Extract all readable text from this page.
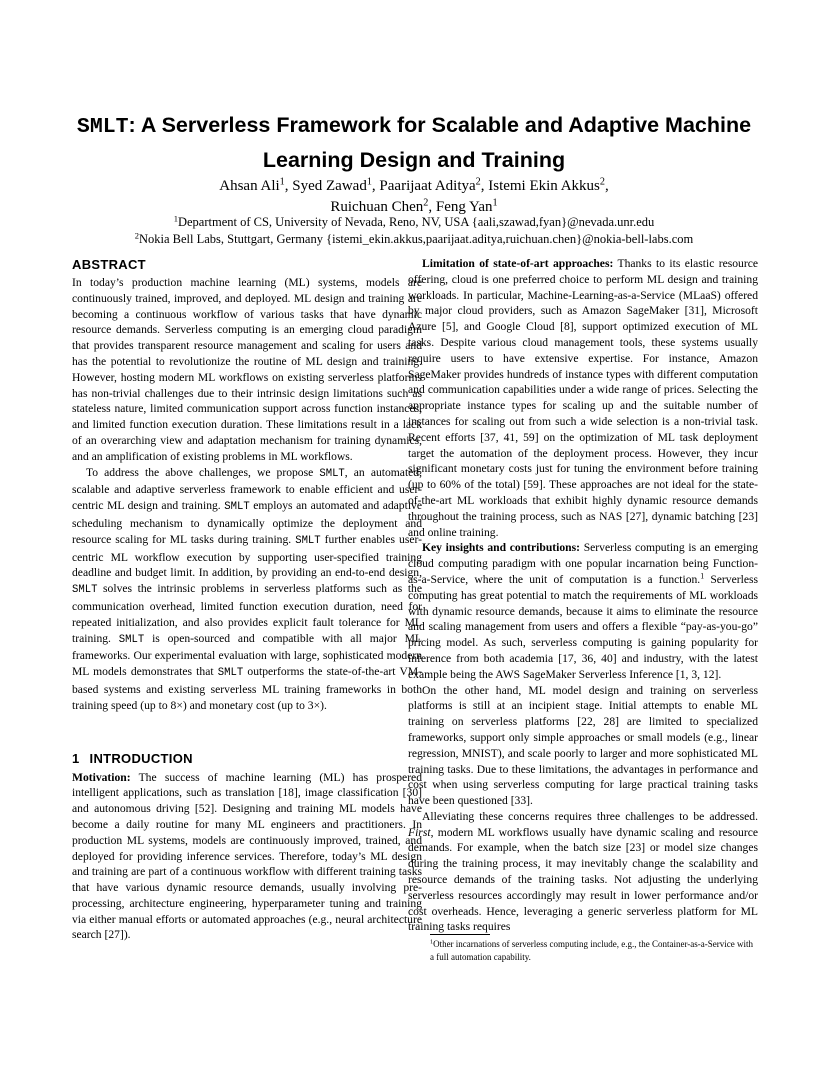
SMLT: A Serverless Framework for Scalable and Adaptive Machine
Learning Design and Training
Ahsan Ali$^1$, Syed Zawad$^1$, Paarijaat Aditya$^2$, Istemi Ekin Akkus$^2$,
Ruichuan Chen$^2$, Feng Yan$^1$
$^1$Department of CS, University of Nevada, Reno, NV, USA {aali,szawad,fyan}@nevada.unr.edu
$^2$Nokia Bell Labs, Stuttgart, Germany {istemi_ekin.akkus,paarijaat.aditya,ruichuan.chen}@nokia-bell-labs.com
ABSTRACT

In today’s production machine learning (ML) systems, models are continuously trained, improved, and deployed. ML design and training are becoming a continuous workflow of various tasks that have dynamic resource demands. Serverless computing is an emerging cloud paradigm that provides transparent resource management and scaling for users and has the potential to revolutionize the routine of ML design and training. However, hosting modern ML workflows on existing serverless platforms has non-trivial challenges due to their intrinsic design limitations such as stateless nature, limited communication support across function instances, and limited function execution duration. These limitations result in a lack of an overarching view and adaptation mechanism for training dynamics, and an amplification of existing problems in ML workflows.

To address the above challenges, we propose SMLT, an automated, scalable and adaptive serverless framework to enable efficient and user-centric ML design and training. SMLT employs an automated and adaptive scheduling mechanism to dynamically optimize the deployment and resource scaling for ML tasks during training. SMLT further enables user-centric ML workflow execution by supporting user-specified training deadline and budget limit. In addition, by providing an end-to-end design, SMLT solves the intrinsic problems in serverless platforms such as the communication overhead, limited function execution duration, need for repeated initialization, and also provides explicit fault tolerance for ML training. SMLT is open-sourced and compatible with all major ML frameworks. Our experimental evaluation with large, sophisticated modern ML models demonstrates that SMLT outperforms the state-of-the-art VM-based systems and existing serverless ML training frameworks in both training speed (up to 8×) and monetary cost (up to 3×).

1 INTRODUCTION

Motivation: The success of machine learning (ML) has prospered intelligent applications, such as translation [18], image classification [30] and autonomous driving [52]. Designing and training ML models have become a daily routine for many ML engineers and practitioners. In production ML systems, models are continuously improved, trained, and deployed for providing inference services. Therefore, today’s ML design and training are part of a continuous workflow with different training tasks that have various dynamic resource demands, usually involving pre-processing, architecture engineering, hyperparameter tuning and training via either manual efforts or automated approaches (e.g., neural architecture search [27]).

Limitation of state-of-art approaches: Thanks to its elastic resource offering, cloud is one preferred choice to perform ML design and training workloads. In particular, Machine-Learning-as-a-Service (MLaaS) offered by major cloud providers, such as Amazon SageMaker [31], Microsoft Azure [5], and Google Cloud [8], support optimized execution of ML tasks. Despite various cloud management tools, these systems usually require users to have extensive expertise. For instance, Amazon SageMaker provides hundreds of instance types with different computation and communication capabilities under a wide range of prices. Selecting the appropriate instance types for scaling up and the suitable number of instances for scaling out from such a wide selection is a non-trivial task. Recent efforts [37, 41, 59] on the optimization of ML task deployment target the automation of the deployment process. However, they incur significant monetary costs just for tuning the environment before training (up to 60% of the total) [59]. These approaches are not ideal for the state-of-the-art ML workloads that exhibit highly dynamic resource demands throughout the training process, such as NAS [27], dynamic batching [23] and online training.

Key insights and contributions: Serverless computing is an emerging cloud computing paradigm with one popular incarnation being Function-as-a-Service, where the unit of computation is a function.$^1$ Serverless computing has great potential to match the requirements of ML workloads with dynamic resource demands, because it aims to eliminate the resource and scaling management from users and offers a flexible “pay-as-you-go” pricing model. As such, serverless computing is gaining popularity for inference from both academia [17, 36, 40] and industry, with the latest example being the AWS SageMaker Serverless Inference [1, 3, 12].

On the other hand, ML model design and training on serverless platforms is still at an incipient stage. Initial attempts to enable ML training on serverless platforms [22, 28] are limited to specialized frameworks, support only simple approaches or small models (e.g., linear regression, MNIST), and scale poorly to larger and more sophisticated ML training tasks. Due to these limitations, the advantages in performance and cost when using serverless computing for large practical training tasks have been questioned [33].

Alleviating these concerns requires three challenges to be addressed. First, modern ML workflows usually have dynamic scaling and resource demands. For example, when the batch size [23] or model size changes during the training process, it may inevitably change the scalability and resource demands of the training tasks. Not adjusting the underlying serverless resources accordingly may result in lower performance and/or cost overheads. Hence, leveraging a generic serverless platform for ML training tasks requires

$^1$Other incarnations of serverless computing include, e.g., the Container-as-a-Service with a full automation capability.
